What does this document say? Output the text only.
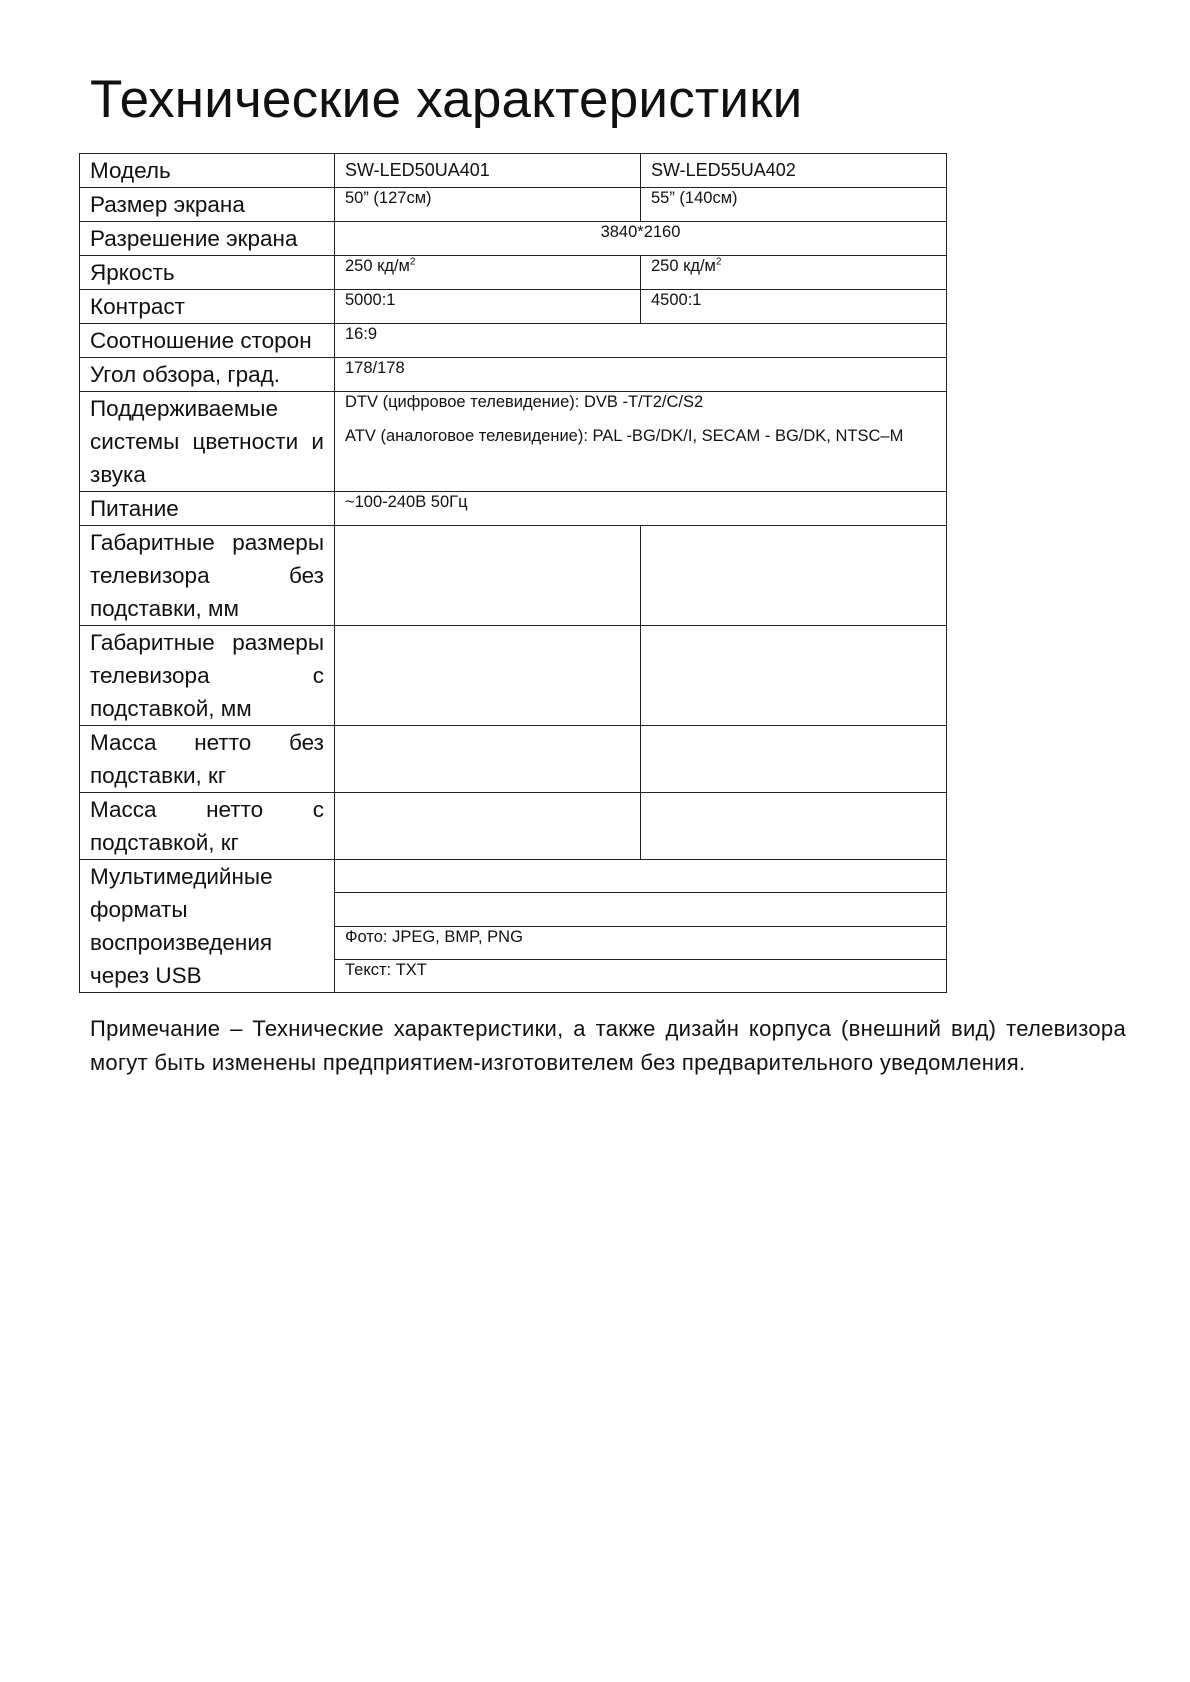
Технические характеристики
Модель	SW-LED50UA401	SW-LED55UA402
Размер экрана	50” (127см)	55” (140см)
Разрешение экрана	3840*2160	
Яркость	250 $кд/м^2$	250 $кд/м^2$
Контраст	5000:1	4500:1
Соотношение сторон	16:9	
Угол обзора, град.	178/178	
Поддерживаемые системы цветности и звука	DTV (цифровое телевидение): DVB -T/T2/C/S2
ATV (аналоговое телевидение): PAL -BG/DK/I, SECAM - BG/DK, NTSC–M	

Питание	~100-240В 50Гц	
Габаритные размеры телевизора без подставки, мм		
Габаритные размеры телевизора с подставкой, мм		
Масса нетто без подставки, кг		
Масса нетто с подставкой, кг		
Мультимедийные форматы воспроизведения через USB		

	Фото: JPEG, BMP, PNG	
	Текст: TXT	
Примечание – Технические характеристики, а также дизайн корпуса (внешний вид) телевизора могут быть изменены предприятием-изготовителем без предварительного уведомления.
